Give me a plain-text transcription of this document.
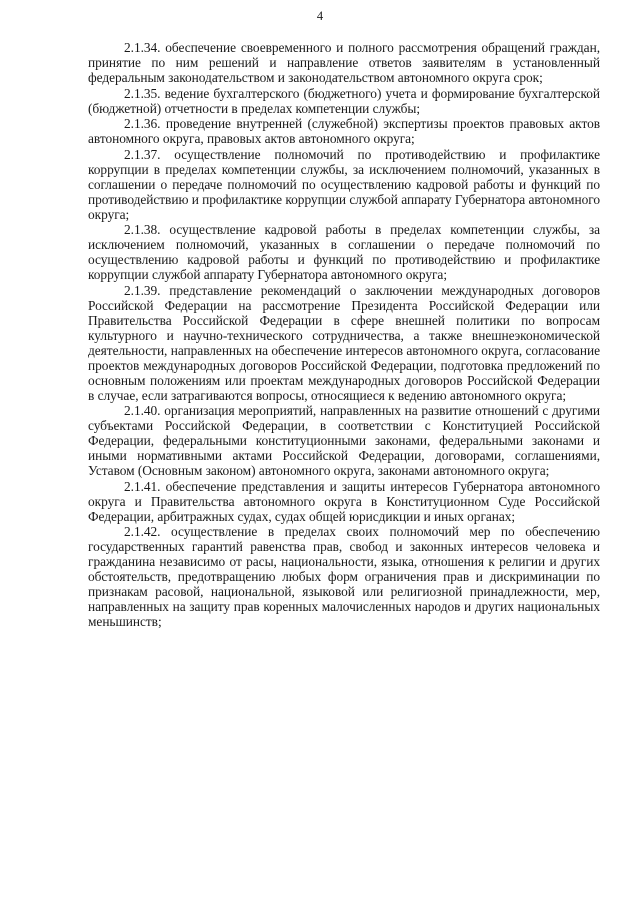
4

2.1.34. обеспечение своевременного и полного рассмотрения обращений граждан, принятие по ним решений и направление ответов заявителям в установленный федеральным законодательством и законодательством автономного округа срок;

2.1.35. ведение бухгалтерского (бюджетного) учета и формирование бухгалтерской (бюджетной) отчетности в пределах компетенции службы;

2.1.36. проведение внутренней (служебной) экспертизы проектов правовых актов автономного округа, правовых актов автономного округа;

2.1.37. осуществление полномочий по противодействию и профилактике коррупции в пределах компетенции службы, за исключением полномочий, указанных в соглашении о передаче полномочий по осуществлению кадровой работы и функций по противодействию и профилактике коррупции службой аппарату Губернатора автономного округа;

2.1.38. осуществление кадровой работы в пределах компетенции службы, за исключением полномочий, указанных в соглашении о передаче полномочий по осуществлению кадровой работы и функций по противодействию и профилактике коррупции службой аппарату Губернатора автономного округа;

2.1.39. представление рекомендаций о заключении международных договоров Российской Федерации на рассмотрение Президента Российской Федерации или Правительства Российской Федерации в сфере внешней политики по вопросам культурного и научно-технического сотрудничества, а также внешнеэкономической деятельности, направленных на обеспечение интересов автономного округа, согласование проектов международных договоров Российской Федерации, подготовка предложений по основным положениям или проектам международных договоров Российской Федерации в случае, если затрагиваются вопросы, относящиеся к ведению автономного округа;

2.1.40. организация мероприятий, направленных на развитие отношений с другими субъектами Российской Федерации, в соответствии с Конституцией Российской Федерации, федеральными конституционными законами, федеральными законами и иными нормативными актами Российской Федерации, договорами, соглашениями, Уставом (Основным законом) автономного округа, законами автономного округа;

2.1.41. обеспечение представления и защиты интересов Губернатора автономного округа и Правительства автономного округа в Конституционном Суде Российской Федерации, арбитражных судах, судах общей юрисдикции и иных органах;

2.1.42. осуществление в пределах своих полномочий мер по обеспечению государственных гарантий равенства прав, свобод и законных интересов человека и гражданина независимо от расы, национальности, языка, отношения к религии и других обстоятельств, предотвращению любых форм ограничения прав и дискриминации по признакам расовой, национальной, языковой или религиозной принадлежности, мер, направленных на защиту прав коренных малочисленных народов и других национальных меньшинств;
